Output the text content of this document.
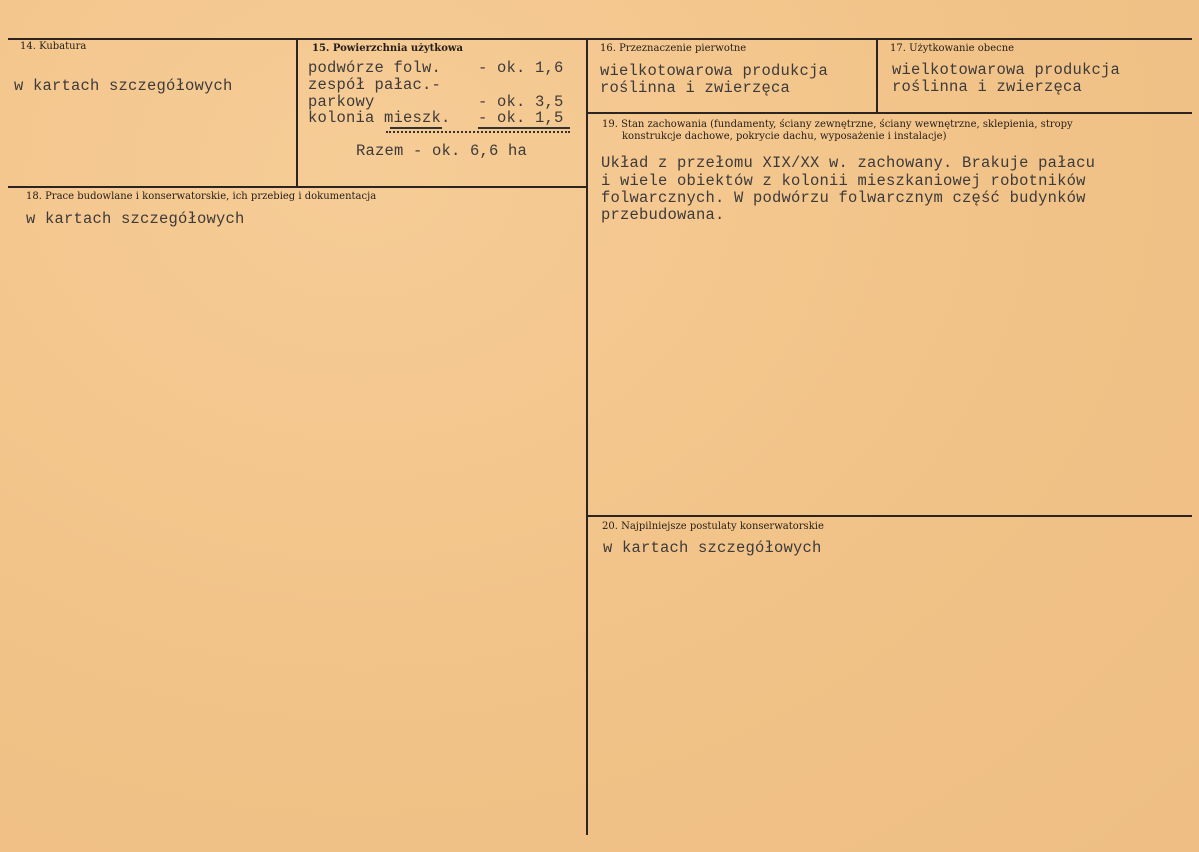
14. Kubatura
w kartach szczegółowych
15. Powierzchnia użytkowa
podwórze folw. - ok. 1,6
zespół pałac.-
parkowy	- ok. 3,5
kolonia mieszk. - ok. 1,5
Razem - ok. 6,6 ha
16. Przeznaczenie pierwotne
wielkotowarowa produkcja
roślinna i zwierzęca
17. Użytkowanie obecne
wielkotowarowa produkcja
roślinna i zwierzęca
18. Prace budowlane i konserwatorskie, ich przebieg i dokumentacja
w kartach szczegółowych
19. Stan zachowania (fundamenty, ściany zewnętrzne, ściany wewnętrzne, sklepienia, stropy
konstrukcje dachowe, pokrycie dachu, wyposażenie i instalacje)
Układ z przełomu XIX/XX w. zachowany. Brakuje pałacu
i wiele obiektów z kolonii mieszkaniowej robotników
folwarcznych. W podwórzu folwarcznym część budynków
przebudowana.
20. Najpilniejsze postulaty konserwatorskie
w kartach szczegółowych
